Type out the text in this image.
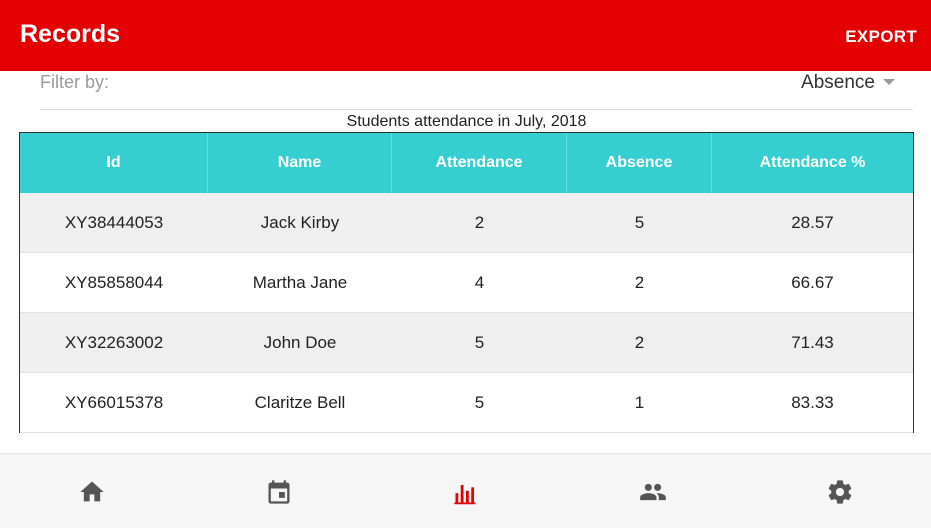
Records	EXPORT
Filter by:	Absence
Students attendance in July, 2018
Id	Name	Attendance	Absence	Attendance %
XY38444053	Jack Kirby	2	5	28.57
XY85858044	Martha Jane	4	2	66.67
XY32263002	John Doe	5	2	71.43
XY66015378	Claritze Bell	5	1	83.33
